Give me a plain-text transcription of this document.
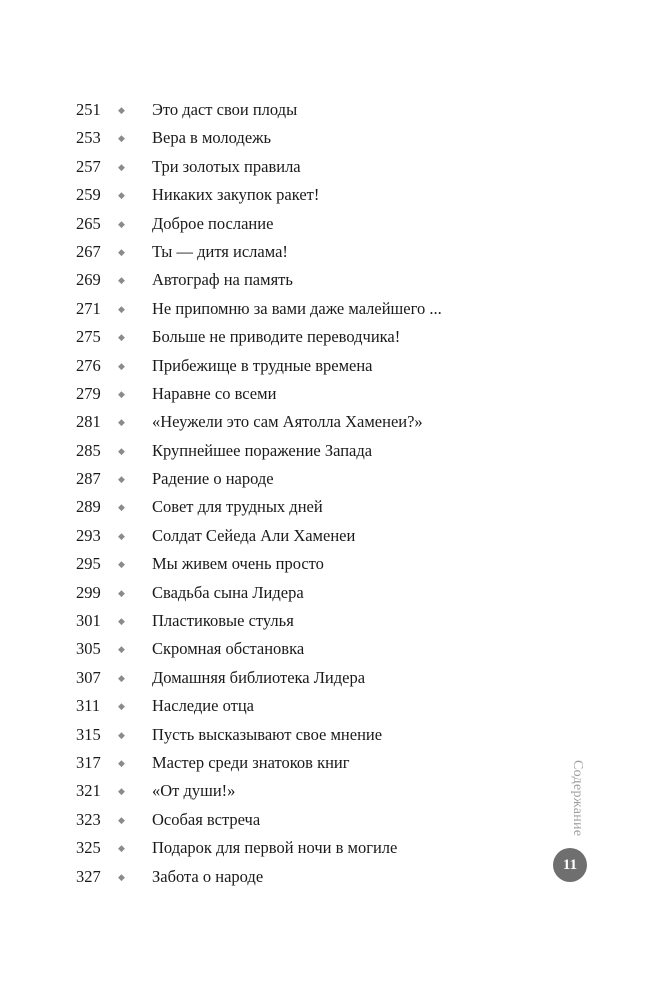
251	◆ Это даст свои плоды
253	◆ Вера в молодежь
257	◆ Три золотых правила
259	◆ Никаких закупок ракет!
265	◆ Доброе послание
267	◆ Ты — дитя ислама!
269	◆ Автограф на память
271	◆ Не припомню за вами даже малейшего ...
275	◆ Больше не приводите переводчика!
276	◆ Прибежище в трудные времена
279	◆ Наравне со всеми
281	◆ «Неужели это сам Аятолла Хаменеи?»
285	◆ Крупнейшее поражение Запада
287	◆ Радение о народе
289	◆ Совет для трудных дней
293	◆ Солдат Сейеда Али Хаменеи
295	◆ Мы живем очень просто
299	◆ Свадьба сына Лидера
301	◆ Пластиковые стулья
305	◆ Скромная обстановка
307	◆ Домашняя библиотека Лидера
311	◆ Наследие отца
315	◆ Пусть высказывают свое мнение
317	◆ Мастер среди знатоков книг
321	◆ «От души!»
323	◆ Особая встреча
325	◆ Подарок для первой ночи в могиле
327	◆ Забота о народе
Содержание
11
